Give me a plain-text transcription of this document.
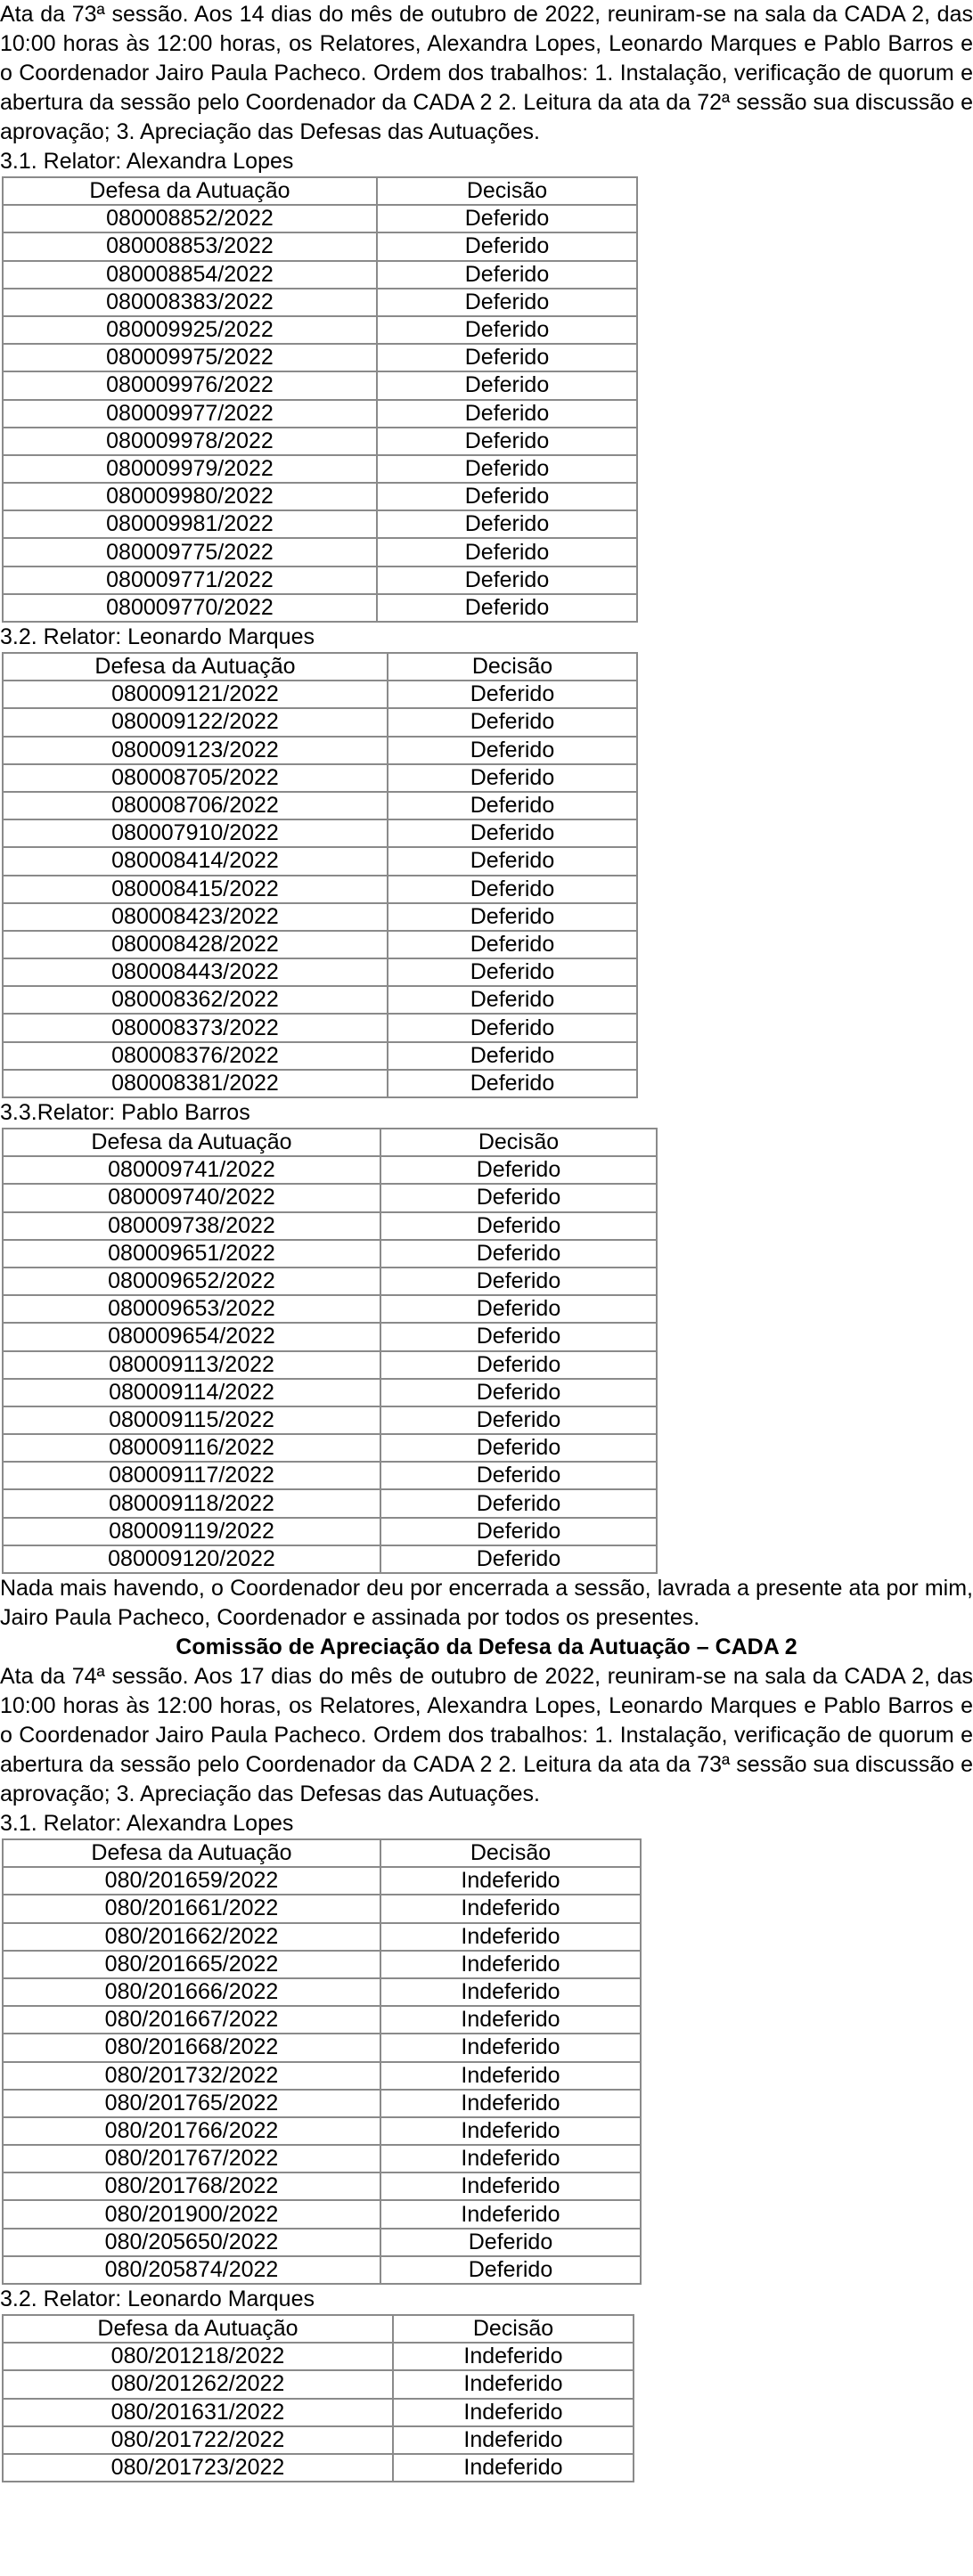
Ata da 73ª sessão. Aos 14 dias do mês de outubro de 2022, reuniram-se na sala da CADA 2, das 10:00 horas às 12:00 horas, os Relatores, Alexandra Lopes, Leonardo Marques e Pablo Barros e o Coordenador Jairo Paula Pacheco. Ordem dos trabalhos: 1. Instalação, verificação de quorum e abertura da sessão pelo Coordenador da CADA 2 2. Leitura da ata da 72ª sessão sua discussão e aprovação; 3. Apreciação das Defesas das Autuações.

3.1. Relator: Alexandra Lopes

Defesa da Autuação	Decisão
080008852/2022	Deferido
080008853/2022	Deferido
080008854/2022	Deferido
080008383/2022	Deferido
080009925/2022	Deferido
080009975/2022	Deferido
080009976/2022	Deferido
080009977/2022	Deferido
080009978/2022	Deferido
080009979/2022	Deferido
080009980/2022	Deferido
080009981/2022	Deferido
080009775/2022	Deferido
080009771/2022	Deferido
080009770/2022	Deferido

3.2. Relator: Leonardo Marques

Defesa da Autuação	Decisão
080009121/2022	Deferido
080009122/2022	Deferido
080009123/2022	Deferido
080008705/2022	Deferido
080008706/2022	Deferido
080007910/2022	Deferido
080008414/2022	Deferido
080008415/2022	Deferido
080008423/2022	Deferido
080008428/2022	Deferido
080008443/2022	Deferido
080008362/2022	Deferido
080008373/2022	Deferido
080008376/2022	Deferido
080008381/2022	Deferido

3.3.Relator: Pablo Barros

Defesa da Autuação	Decisão
080009741/2022	Deferido
080009740/2022	Deferido
080009738/2022	Deferido
080009651/2022	Deferido
080009652/2022	Deferido
080009653/2022	Deferido
080009654/2022	Deferido
080009113/2022	Deferido
080009114/2022	Deferido
080009115/2022	Deferido
080009116/2022	Deferido
080009117/2022	Deferido
080009118/2022	Deferido
080009119/2022	Deferido
080009120/2022	Deferido

Nada mais havendo, o Coordenador deu por encerrada a sessão, lavrada a presente ata por mim, Jairo Paula Pacheco, Coordenador e assinada por todos os presentes.

Comissão de Apreciação da Defesa da Autuação – CADA 2

Ata da 74ª sessão. Aos 17 dias do mês de outubro de 2022, reuniram-se na sala da CADA 2, das 10:00 horas às 12:00 horas, os Relatores, Alexandra Lopes, Leonardo Marques e Pablo Barros e o Coordenador Jairo Paula Pacheco. Ordem dos trabalhos: 1. Instalação, verificação de quorum e abertura da sessão pelo Coordenador da CADA 2 2. Leitura da ata da 73ª sessão sua discussão e aprovação; 3. Apreciação das Defesas das Autuações.

3.1. Relator: Alexandra Lopes

Defesa da Autuação	Decisão
080/201659/2022	Indeferido
080/201661/2022	Indeferido
080/201662/2022	Indeferido
080/201665/2022	Indeferido
080/201666/2022	Indeferido
080/201667/2022	Indeferido
080/201668/2022	Indeferido
080/201732/2022	Indeferido
080/201765/2022	Indeferido
080/201766/2022	Indeferido
080/201767/2022	Indeferido
080/201768/2022	Indeferido
080/201900/2022	Indeferido
080/205650/2022	Deferido
080/205874/2022	Deferido

3.2. Relator: Leonardo Marques

Defesa da Autuação	Decisão
080/201218/2022	Indeferido
080/201262/2022	Indeferido
080/201631/2022	Indeferido
080/201722/2022	Indeferido
080/201723/2022	Indeferido
